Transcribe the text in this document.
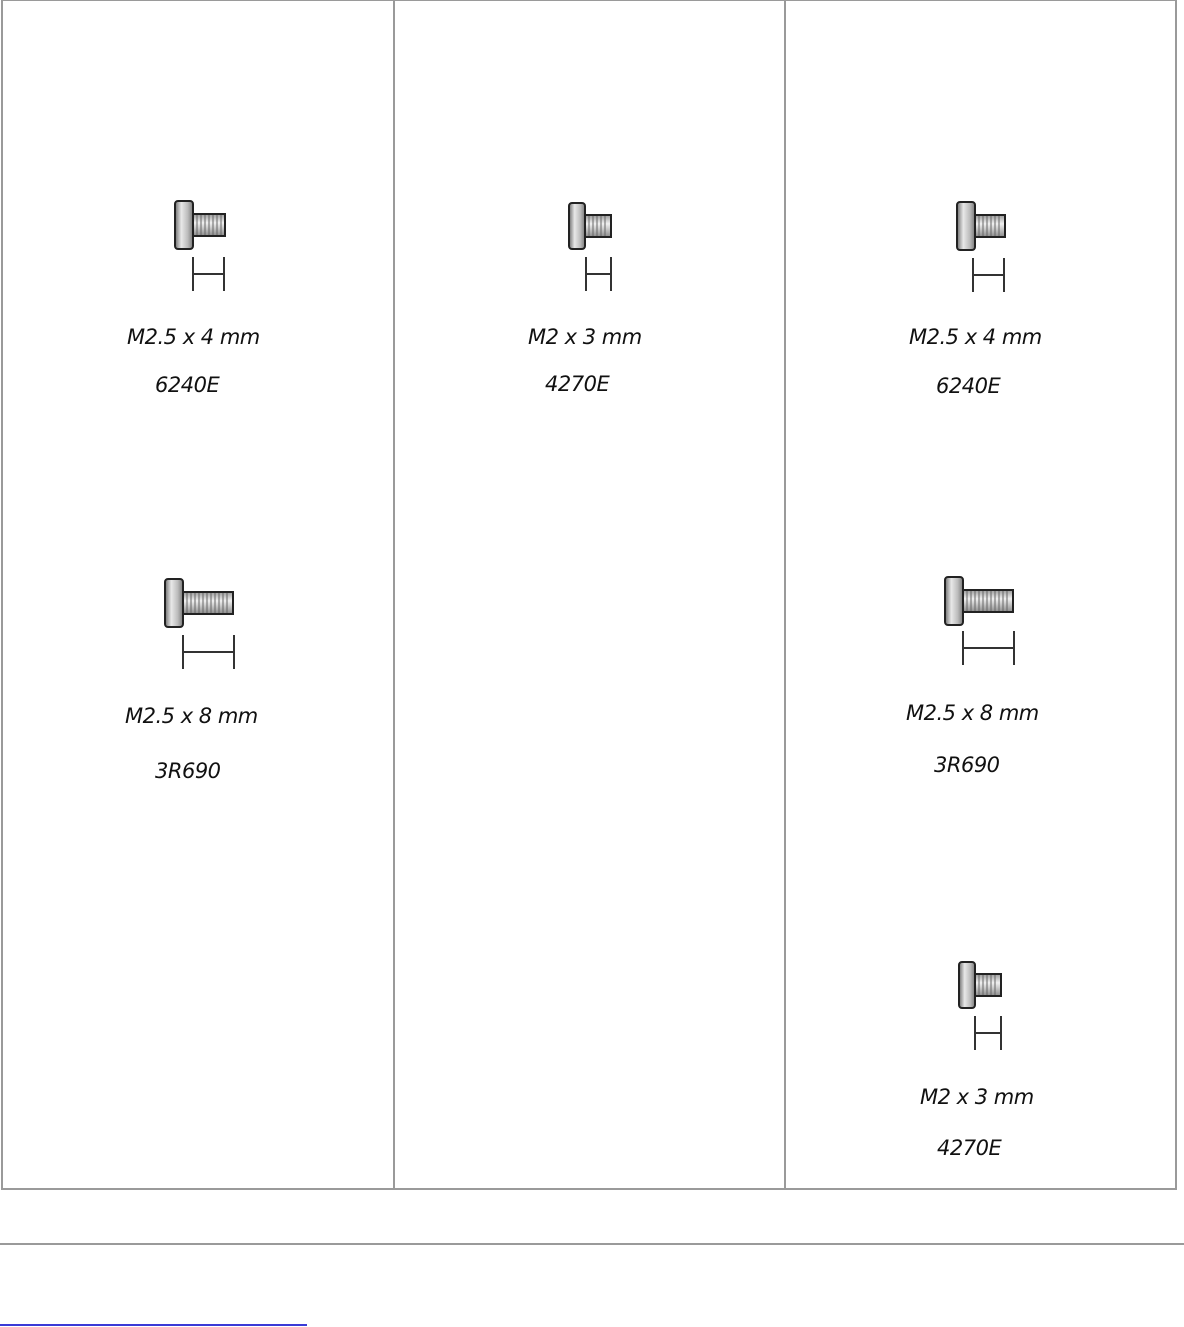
M2.5 x 4 mm
6240E
M2.5 x 8 mm
3R690

M2 x 3 mm
4270E

M2.5 x 4 mm
6240E
M2.5 x 8 mm
3R690
M2 x 3 mm
4270E
